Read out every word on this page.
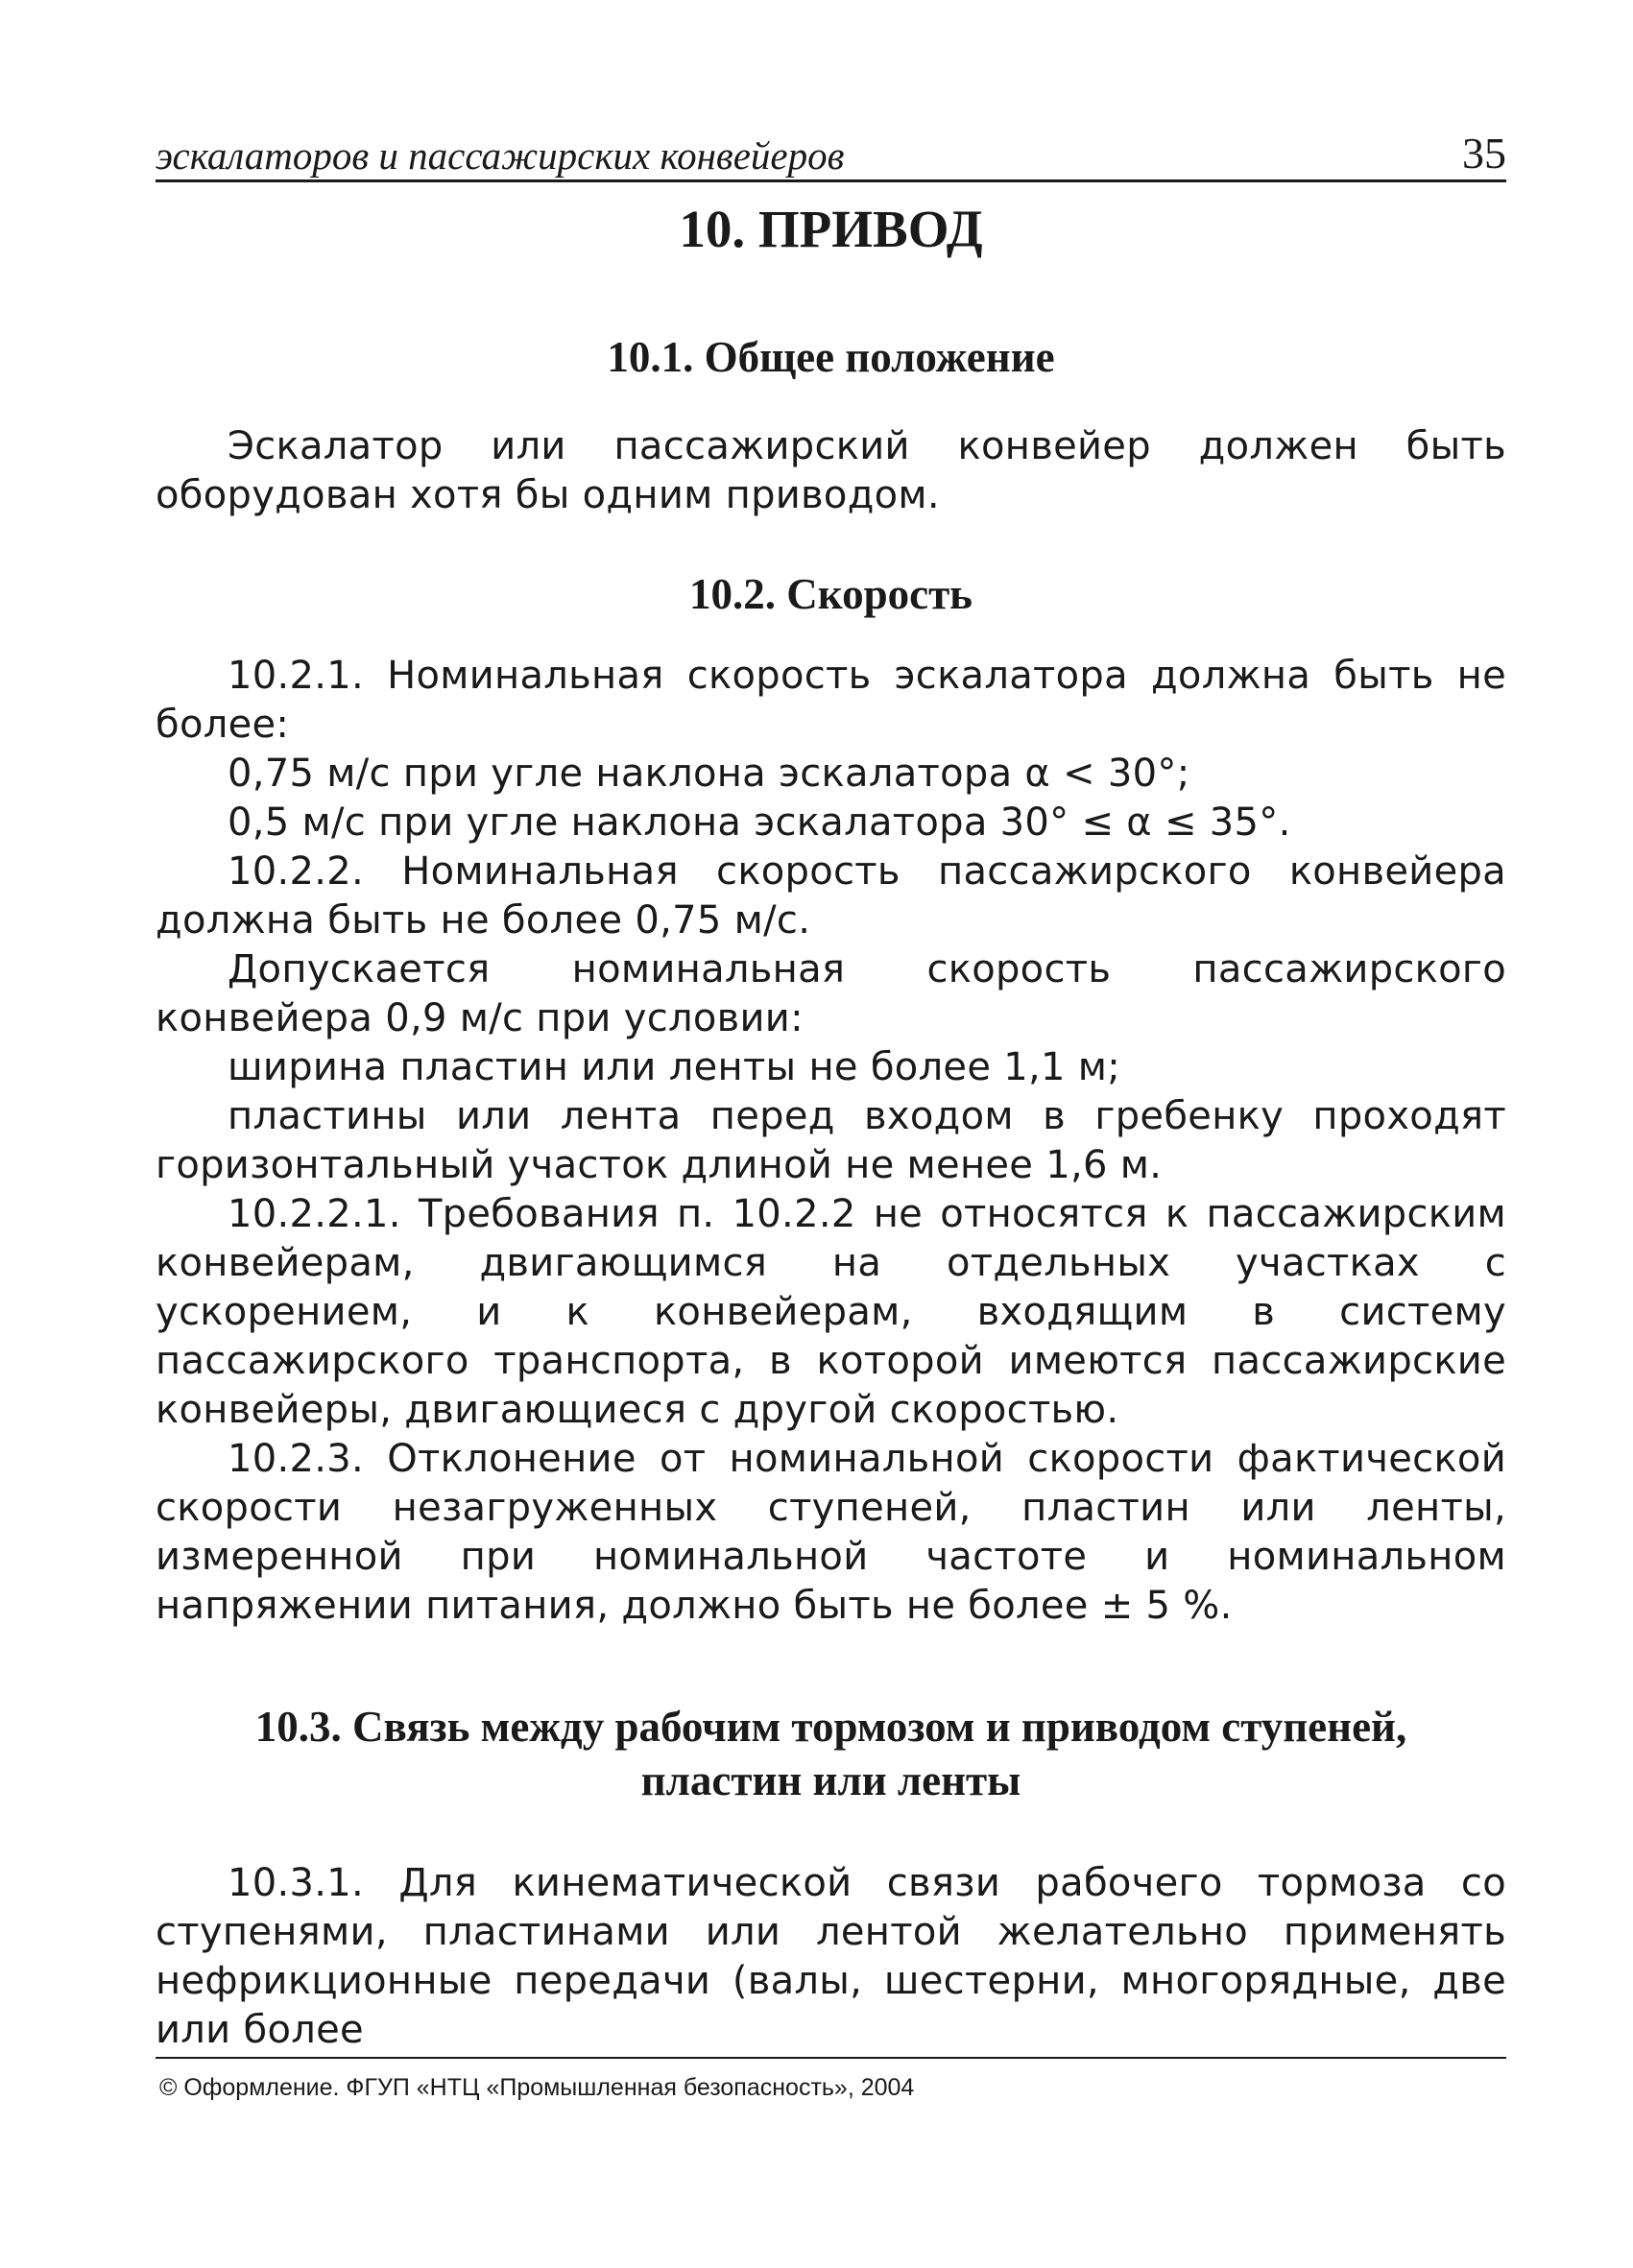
эскалаторов и пассажирских конвейеров	35
10. ПРИВОД
10.1. Общее положение

Эскалатор или пассажирский конвейер должен быть оборудован хотя бы одним приводом.

10.2. Скорость

10.2.1. Номинальная скорость эскалатора должна быть не более:

0,75 м/с при угле наклона эскалатора α < 30°;

0,5 м/с при угле наклона эскалатора 30° ≤ α ≤ 35°.

10.2.2. Номинальная скорость пассажирского конвейера должна быть не более 0,75 м/с.

Допускается номинальная скорость пассажирского конвейера 0,9 м/с при условии:

ширина пластин или ленты не более 1,1 м;

пластины или лента перед входом в гребенку проходят горизонтальный участок длиной не менее 1,6 м.

10.2.2.1. Требования п. 10.2.2 не относятся к пассажирским конвейерам, двигающимся на отдельных участках с ускорением, и к конвейерам, входящим в систему пассажирского транспорта, в которой имеются пассажирские конвейеры, двигающиеся с другой скоростью.

10.2.3. Отклонение от номинальной скорости фактической скорости незагруженных ступеней, пластин или ленты, измеренной при номинальной частоте и номинальном напряжении питания, должно быть не более ± 5 %.

10.3. Связь между рабочим тормозом и приводом ступеней,
пластин или ленты

10.3.1. Для кинематической связи рабочего тормоза со ступенями, пластинами или лентой желательно применять нефрикционные передачи (валы, шестерни, многорядные, две или более

© Оформление. ФГУП «НТЦ «Промышленная безопасность», 2004
